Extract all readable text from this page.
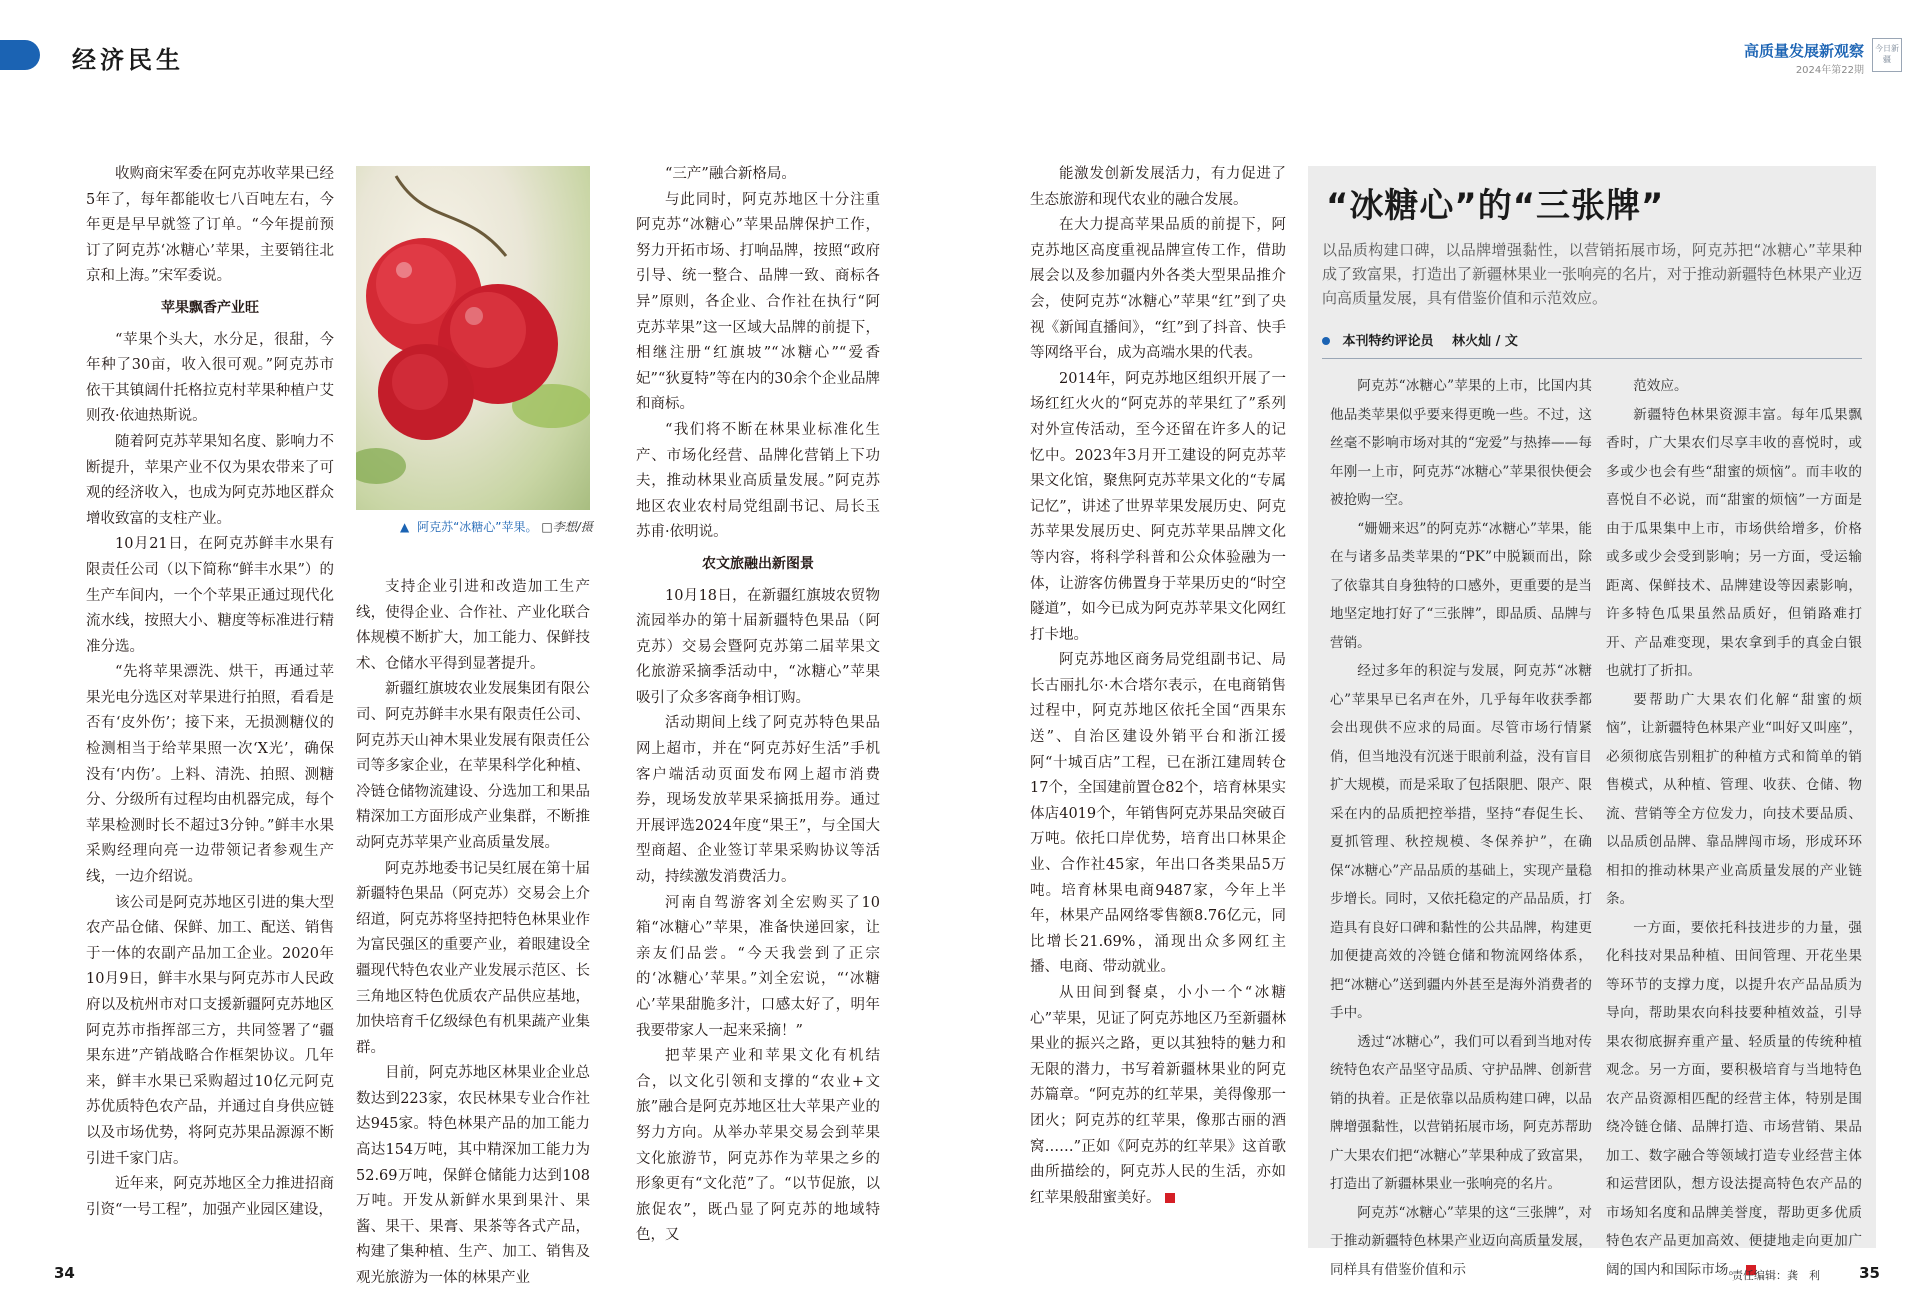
经济民生	高质量发展新观察
2024年第22期
今日新疆

收购商宋军委在阿克苏收苹果已经5年了，每年都能收七八百吨左右，今年更是早早就签了订单。“今年提前预订了阿克苏‘冰糖心’苹果，主要销往北京和上海。”宋军委说。

苹果飘香产业旺

“苹果个头大，水分足，很甜，今年种了30亩，收入很可观。”阿克苏市依干其镇阔什托格拉克村苹果种植户艾则孜·依迪热斯说。

随着阿克苏苹果知名度、影响力不断提升，苹果产业不仅为果农带来了可观的经济收入，也成为阿克苏地区群众增收致富的支柱产业。

10月21日，在阿克苏鲜丰水果有限责任公司（以下简称“鲜丰水果”）的生产车间内，一个个苹果正通过现代化流水线，按照大小、糖度等标准进行精准分选。

“先将苹果漂洗、烘干，再通过苹果光电分选区对苹果进行拍照，看看是否有‘皮外伤’；接下来，无损测糖仪的检测相当于给苹果照一次‘X光’，确保没有‘内伤’。上料、清洗、拍照、测糖分、分级所有过程均由机器完成，每个苹果检测时长不超过3分钟。”鲜丰水果采购经理向亮一边带领记者参观生产线，一边介绍说。

该公司是阿克苏地区引进的集大型农产品仓储、保鲜、加工、配送、销售于一体的农副产品加工企业。2020年10月9日，鲜丰水果与阿克苏市人民政府以及杭州市对口支援新疆阿克苏地区阿克苏市指挥部三方，共同签署了“疆果东进”产销战略合作框架协议。几年来，鲜丰水果已采购超过10亿元阿克苏优质特色农产品，并通过自身供应链以及市场优势，将阿克苏果品源源不断引进千家门店。

近年来，阿克苏地区全力推进招商引资“一号工程”，加强产业园区建设，

▲ 阿克苏“冰糖心”苹果。 □李想/摄

支持企业引进和改造加工生产线，使得企业、合作社、产业化联合体规模不断扩大，加工能力、保鲜技术、仓储水平得到显著提升。

新疆红旗坡农业发展集团有限公司、阿克苏鲜丰水果有限责任公司、阿克苏天山神木果业发展有限责任公司等多家企业，在苹果科学化种植、冷链仓储物流建设、分选加工和果品精深加工方面形成产业集群，不断推动阿克苏苹果产业高质量发展。

阿克苏地委书记吴红展在第十届新疆特色果品（阿克苏）交易会上介绍道，阿克苏将坚持把特色林果业作为富民强区的重要产业，着眼建设全疆现代特色农业产业发展示范区、长三角地区特色优质农产品供应基地，加快培育千亿级绿色有机果蔬产业集群。

目前，阿克苏地区林果业企业总数达到223家，农民林果专业合作社达945家。特色林果产品的加工能力高达154万吨，其中精深加工能力为52.69万吨，保鲜仓储能力达到108万吨。开发从新鲜水果到果汁、果酱、果干、果膏、果茶等各式产品，构建了集种植、生产、加工、销售及观光旅游为一体的林果产业

“三产”融合新格局。

与此同时，阿克苏地区十分注重阿克苏“冰糖心”苹果品牌保护工作，努力开拓市场、打响品牌，按照“政府引导、统一整合、品牌一致、商标各异”原则，各企业、合作社在执行“阿克苏苹果”这一区域大品牌的前提下，相继注册“红旗坡”“冰糖心”“爱香妃”“狄夏特”等在内的30余个企业品牌和商标。

“我们将不断在林果业标准化生产、市场化经营、品牌化营销上下功夫，推动林果业高质量发展。”阿克苏地区农业农村局党组副书记、局长玉苏甫·依明说。

农文旅融出新图景

10月18日，在新疆红旗坡农贸物流园举办的第十届新疆特色果品（阿克苏）交易会暨阿克苏第二届苹果文化旅游采摘季活动中，“冰糖心”苹果吸引了众多客商争相订购。

活动期间上线了阿克苏特色果品网上超市，并在“阿克苏好生活”手机客户端活动页面发布网上超市消费券，现场发放苹果采摘抵用券。通过开展评选2024年度“果王”，与全国大型商超、企业签订苹果采购协议等活动，持续激发消费活力。

河南自驾游客刘全宏购买了10箱“冰糖心”苹果，准备快递回家，让亲友们品尝。“今天我尝到了正宗的‘冰糖心’苹果。”刘全宏说，“‘冰糖心’苹果甜脆多汁，口感太好了，明年我要带家人一起来采摘！”

把苹果产业和苹果文化有机结合，以文化引领和支撑的“农业+文旅”融合是阿克苏地区壮大苹果产业的努力方向。从举办苹果交易会到苹果文化旅游节，阿克苏作为苹果之乡的形象更有“文化范”了。“以节促旅，以旅促农”，既凸显了阿克苏的地域特色，又

能激发创新发展活力，有力促进了生态旅游和现代农业的融合发展。

在大力提高苹果品质的前提下，阿克苏地区高度重视品牌宣传工作，借助展会以及参加疆内外各类大型果品推介会，使阿克苏“冰糖心”苹果“红”到了央视《新闻直播间》，“红”到了抖音、快手等网络平台，成为高端水果的代表。

2014年，阿克苏地区组织开展了一场红红火火的“阿克苏的苹果红了”系列对外宣传活动，至今还留在许多人的记忆中。2023年3月开工建设的阿克苏苹果文化馆，聚焦阿克苏苹果文化的“专属记忆”，讲述了世界苹果发展历史、阿克苏苹果发展历史、阿克苏苹果品牌文化等内容，将科学科普和公众体验融为一体，让游客仿佛置身于苹果历史的“时空隧道”，如今已成为阿克苏苹果文化网红打卡地。

阿克苏地区商务局党组副书记、局长古丽扎尔·木合塔尔表示，在电商销售过程中，阿克苏地区依托全国“西果东送”、自治区建设外销平台和浙江援阿“十城百店”工程，已在浙江建周转仓17个，全国建前置仓82个，培育林果实体店4019个，年销售阿克苏果品突破百万吨。依托口岸优势，培育出口林果企业、合作社45家，年出口各类果品5万吨。培育林果电商9487家，今年上半年，林果产品网络零售额8.76亿元，同比增长21.69%，涌现出众多网红主播、电商、带动就业。

从田间到餐桌，小小一个“冰糖心”苹果，见证了阿克苏地区乃至新疆林果业的振兴之路，更以其独特的魅力和无限的潜力，书写着新疆林果业的阿克苏篇章。“阿克苏的红苹果，美得像那一团火；阿克苏的红苹果，像那古丽的酒窝……”正如《阿克苏的红苹果》这首歌曲所描绘的，阿克苏人民的生活，亦如红苹果般甜蜜美好。

“冰糖心”的“三张牌”
以品质构建口碑，以品牌增强黏性，以营销拓展市场，阿克苏把“冰糖心”苹果种成了致富果，打造出了新疆林果业一张响亮的名片，对于推动新疆特色林果产业迈向高质量发展，具有借鉴价值和示范效应。
本刊特约评论员 林火灿 / 文

阿克苏“冰糖心”苹果的上市，比国内其他品类苹果似乎要来得更晚一些。不过，这丝毫不影响市场对其的“宠爱”与热捧——每年刚一上市，阿克苏“冰糖心”苹果很快便会被抢购一空。

“姗姗来迟”的阿克苏“冰糖心”苹果，能在与诸多品类苹果的“PK”中脱颖而出，除了依靠其自身独特的口感外，更重要的是当地坚定地打好了“三张牌”，即品质、品牌与营销。

经过多年的积淀与发展，阿克苏“冰糖心”苹果早已名声在外，几乎每年收获季都会出现供不应求的局面。尽管市场行情紧俏，但当地没有沉迷于眼前利益，没有盲目扩大规模，而是采取了包括限肥、限产、限采在内的品质把控举措，坚持“春促生长、夏抓管理、秋控规模、冬保养护”，在确保“冰糖心”产品品质的基础上，实现产量稳步增长。同时，又依托稳定的产品品质，打造具有良好口碑和黏性的公共品牌，构建更加便捷高效的冷链仓储和物流网络体系，把“冰糖心”送到疆内外甚至是海外消费者的手中。

透过“冰糖心”，我们可以看到当地对传统特色农产品坚守品质、守护品牌、创新营销的执着。正是依靠以品质构建口碑，以品牌增强黏性，以营销拓展市场，阿克苏帮助广大果农们把“冰糖心”苹果种成了致富果，打造出了新疆林果业一张响亮的名片。

阿克苏“冰糖心”苹果的这“三张牌”，对于推动新疆特色林果产业迈向高质量发展，同样具有借鉴价值和示

范效应。

新疆特色林果资源丰富。每年瓜果飘香时，广大果农们尽享丰收的喜悦时，或多或少也会有些“甜蜜的烦恼”。而丰收的喜悦自不必说，而“甜蜜的烦恼”一方面是由于瓜果集中上市，市场供给增多，价格或多或少会受到影响；另一方面，受运输距离、保鲜技术、品牌建设等因素影响，许多特色瓜果虽然品质好，但销路难打开、产品难变现，果农拿到手的真金白银也就打了折扣。

要帮助广大果农们化解“甜蜜的烦恼”，让新疆特色林果产业“叫好又叫座”，必须彻底告别粗扩的种植方式和简单的销售模式，从种植、管理、收获、仓储、物流、营销等全方位发力，向技术要品质、以品质创品牌、靠品牌闯市场，形成环环相扣的推动林果产业高质量发展的产业链条。

一方面，要依托科技进步的力量，强化科技对果品种植、田间管理、开花坐果等环节的支撑力度，以提升农产品品质为导向，帮助果农向科技要种植效益，引导果农彻底摒弃重产量、轻质量的传统种植观念。另一方面，要积极培育与当地特色农产品资源相匹配的经营主体，特别是围绕冷链仓储、品牌打造、市场营销、果品加工、数字融合等领域打造专业经营主体和运营团队，想方设法提高特色农产品的市场知名度和品牌美誉度，帮助更多优质特色农产品更加高效、便捷地走向更加广阔的国内和国际市场。

34	责任编辑：龚　利	35
